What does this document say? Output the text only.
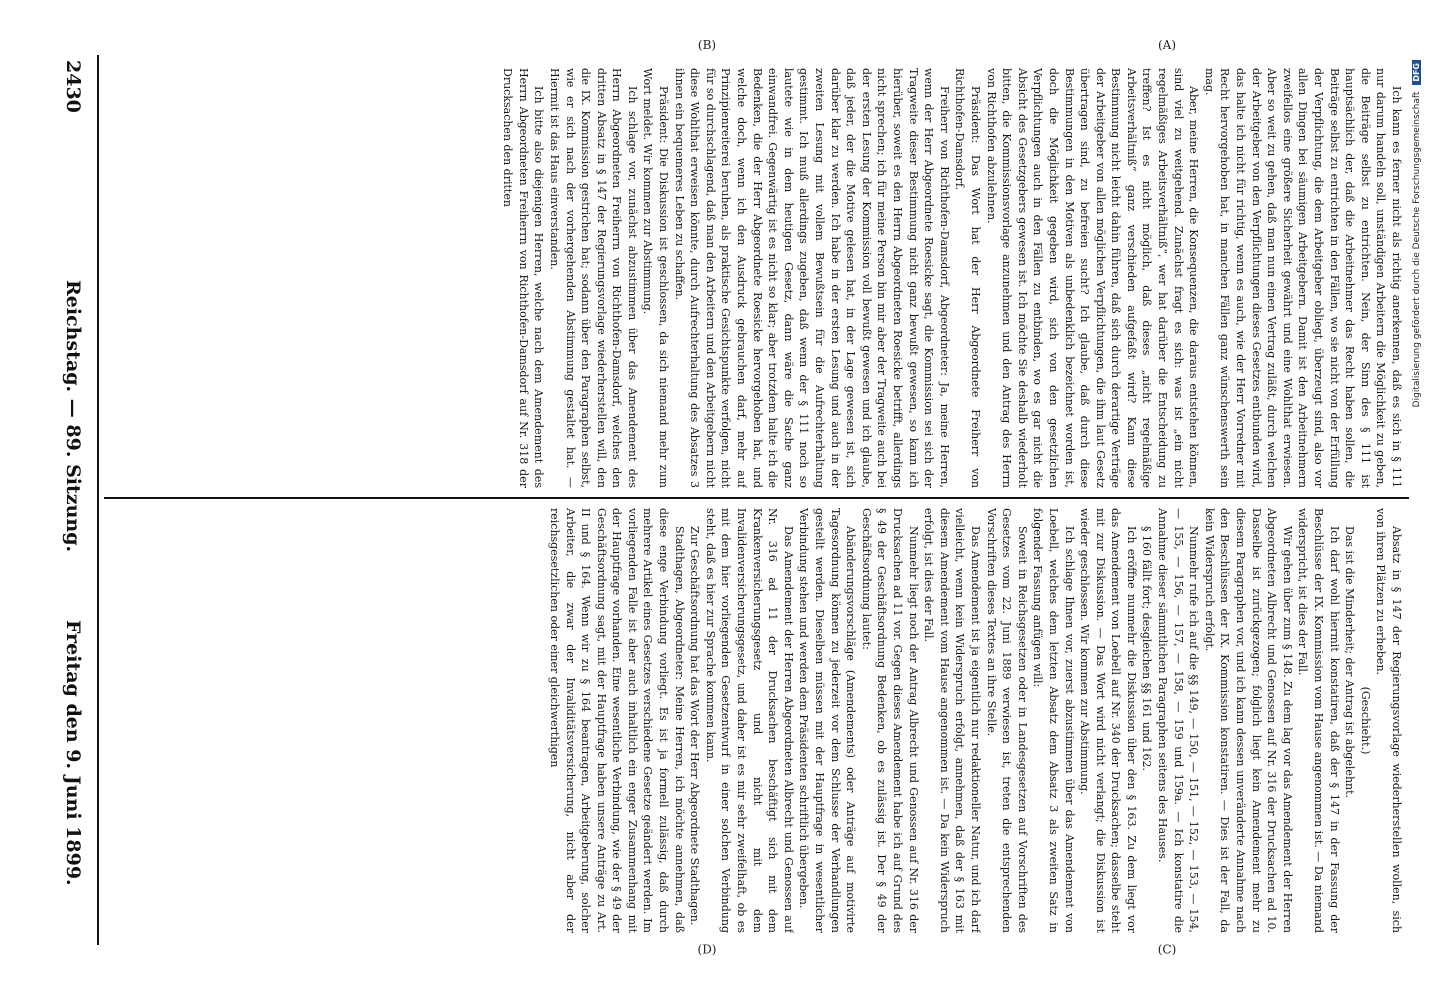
Digitalisierung gefördert durch die Deutsche Forschungsgemeinschaft DFG

Ich kann es ferner nicht als richtig anerkennen, daß es sich in § 111 nur darum handeln soll, unständigen Arbeitern die Möglichkeit zu geben, die Beiträge selbst zu entrichten. Nein, der Sinn des § 111 ist hauptsächlich der, daß die Arbeitnehmer das Recht haben sollen, die Beiträge selbst zu entrichten in den Fällen, wo sie nicht von der Erfüllung der Verpflichtung, die dem Arbeitgeber obliegt, überzeugt sind, also vor allen Dingen bei säumigen Arbeitgebern. Damit ist den Arbeitnehmern zweifellos eine größere Sicherheit gewährt und eine Wohlthat erwiesen. Aber so weit zu gehen, daß man nun einen Vertrag zuläßt, durch welchen der Arbeitgeber von den Verpflichtungen dieses Gesetzes entbunden wird, das halte ich nicht für richtig, wenn es auch, wie der Herr Vorredner mit Recht hervorgehoben hat, in manchen Fällen ganz wünschenswerth sein mag.

Aber, meine Herren, die Konsequenzen, die daraus entstehen können, sind viel zu weitgehend. Zunächst fragt es sich: was ist „ein nicht regelmäßiges Arbeitsverhältniß“, wer hat darüber die Entscheidung zu treffen? Ist es nicht möglich, daß dieses „nicht regelmäßige Arbeitsverhältniß“ ganz verschieden aufgefaßt wird? Kann diese Bestimmung nicht leicht dahin führen, daß sich durch derartige Verträge der Arbeitgeber von allen möglichen Verpflichtungen, die ihm laut Gesetz übertragen sind, zu befreien sucht? Ich glaube, daß durch diese Bestimmungen in den Motiven als unbedenklich bezeichnet worden ist, doch die Möglichkeit gegeben wird, sich von den gesetzlichen Verpflichtungen auch in den Fällen zu entbinden, wo es gar nicht die Absicht des Gesetzgebers gewesen ist. Ich möchte Sie deshalb wiederholt bitten, die Kommissionsvorlage anzunehmen und den Antrag des Herrn von Richthofen abzulehnen.

Präsident: Das Wort hat der Herr Abgeordnete Freiherr von Richthofen-Damsdorf.

Freiherr von Richthofen-Damsdorf, Abgeordneter: Ja, meine Herren, wenn der Herr Abgeordnete Roesicke sagt, die Kommission sei sich der Tragweite dieser Bestimmung nicht ganz bewußt gewesen, so kann ich hierüber, soweit es den Herrn Abgeordneten Roesicke betrifft, allerdings nicht sprechen; ich für meine Person bin mir aber der Tragweite auch bei der ersten Lesung der Kommission voll bewußt gewesen und ich glaube, daß jeder, der die Motive gelesen hat, in der Lage gewesen ist, sich darüber klar zu werden. Ich habe in der ersten Lesung und auch in der zweiten Lesung mit vollem Bewußtsein für die Aufrechterhaltung gestimmt. Ich muß allerdings zugeben, daß wenn der § 111 noch so lautete wie in dem heutigen Gesetz, dann wäre die Sache ganz einwandfrei. Gegenwärtig ist es nicht so klar; aber trotzdem halte ich die Bedenken, die der Herr Abgeordnete Roesicke hervorgehoben hat, und welche doch, wenn ich den Ausdruck gebrauchen darf, mehr auf Prinzipienreiterei beruhen, als praktische Gesichtspunkte verfolgen, nicht für so durchschlagend, daß man den Arbeitern und den Arbeitgebern nicht diese Wohlthat erweisen könnte, durch Aufrechterhaltung des Absatzes 3 ihnen ein bequemeres Leben zu schaffen.

Präsident: Die Diskussion ist geschlossen, da sich niemand mehr zum Wort meldet. Wir kommen zur Abstimmung.

Ich schlage vor, zunächst abzustimmen über das Amendement des Herrn Abgeordneten Freiherrn von Richthofen-Damsdorf, welches den dritten Absatz in § 147 der Regierungsvorlage wiederherstellen will, den die IX. Kommission gestrichen hat; sodann über den Paragraphen selbst, wie er sich nach der vorhergehenden Abstimmung gestaltet hat. — Hiermit ist das Haus einverstanden.

Ich bitte also diejenigen Herren, welche nach dem Amendement des Herrn Abgeordneten Freiherrn von Richthofen-Damsdorf auf Nr. 318 der Drucksachen den dritten

Absatz in § 147 der Regierungsvorlage wiederherstellen wollen, sich von ihren Plätzen zu erheben.

(Geschieht.)

Das ist die Minderheit; der Antrag ist abgelehnt.

Ich darf wohl hiermit konstatiren, daß der § 147 in der Fassung der Beschlüsse der IX. Kommission vom Hause angenommen ist. — Da niemand widerspricht, ist dies der Fall.

Wir gehen über zum § 148. Zu dem lag vor das Amendement der Herren Abgeordneten Albrecht und Genossen auf Nr. 316 der Drucksachen ad 10. Dasselbe ist zurückgezogen; folglich liegt kein Amendement mehr zu diesem Paragraphen vor, und ich kann dessen unveränderte Annahme nach den Beschlüssen der IX. Kommission konstatiren. — Dies ist der Fall, da kein Widerspruch erfolgt.

Nunmehr rufe ich auf die §§ 149, — 150, — 151, — 152, — 153, — 154, — 155, — 156, — 157, — 158, — 159 und 159a. — Ich konstatire die Annahme dieser sämmtlichen Paragraphen seitens des Hauses.

§ 160 fällt fort; desgleichen §§ 161 und 162.

Ich eröffne nunmehr die Diskussion über den § 163. Zu dem liegt vor das Amendement von Loebell auf Nr. 340 der Drucksachen; dasselbe steht mit zur Diskussion. — Das Wort wird nicht verlangt; die Diskussion ist wieder geschlossen. Wir kommen zur Abstimmung.

Ich schlage Ihnen vor, zuerst abzustimmen über das Amendement von Loebell, welches dem letzten Absatz dem Absatz 3 als zweiten Satz in folgender Fassung anfügen will:

Soweit in Reichsgesetzen oder in Landesgesetzen auf Vorschriften des Gesetzes vom 22. Juni 1889 verwiesen ist, treten die entsprechenden Vorschriften dieses Textes an ihre Stelle.

Das Amendement ist ja eigentlich nur redaktioneller Natur, und ich darf vielleicht, wenn kein Widerspruch erfolgt, annehmen, daß der § 163 mit diesem Amendement vom Hause angenommen ist. — Da kein Widerspruch erfolgt, ist dies der Fall.

Nunmehr liegt noch der Antrag Albrecht und Genossen auf Nr. 316 der Drucksachen ad 11 vor. Gegen dieses Amendement habe ich auf Grund des § 49 der Geschäftsordnung Bedenken, ob es zulässig ist. Der § 49 der Geschäftsordnung lautet:

Abänderungsvorschläge (Amendements) oder Anträge auf motivirte Tagesordnung können zu jederzeit vor dem Schlusse der Verhandlungen gestellt werden. Dieselben müssen mit der Hauptfrage in wesentlicher Verbindung stehen und werden dem Präsidenten schriftlich übergeben.

Das Amendement der Herren Abgeordneten Albrecht und Genossen auf Nr. 316 ad 11 der Drucksachen beschäftigt sich mit dem Krankenversicherungsgesetz und nicht mit dem Invalidenversicherungsgesetz, und daher ist es mir sehr zweifelhaft, ob es mit dem hier vorliegenden Gesetzentwurf in einer solchen Verbindung steht, daß es hier zur Sprache kommen kann.

Zur Geschäftsordnung hat das Wort der Herr Abgeordnete Stadthagen.

Stadthagen, Abgeordneter: Meine Herren, ich möchte annehmen, daß diese enge Verbindung vorliegt. Es ist ja formell zulässig, daß durch mehrere Artikel eines Gesetzes verschiedene Gesetze geändert werden. Im vorliegenden Falle ist aber auch inhaltlich ein enger Zusammenhang mit der Hauptfrage vorhanden. Eine wesentliche Verbindung, wie der § 49 der Geschäftsordnung sagt, mit der Hauptfrage haben unsere Anträge zu Art. II und § 164. Wenn wir zu § 164 beantragen, Arbeitgeberung, solcher Arbeiter, die zwar der Invaliditätsversicherung, nicht aber der reichsgesetzlichen oder einer gleichwerthigen

(A)
(B)
(C)
(D)
2430
Reichstag. — 89. Sitzung.
Freitag den 9. Juni 1899.
